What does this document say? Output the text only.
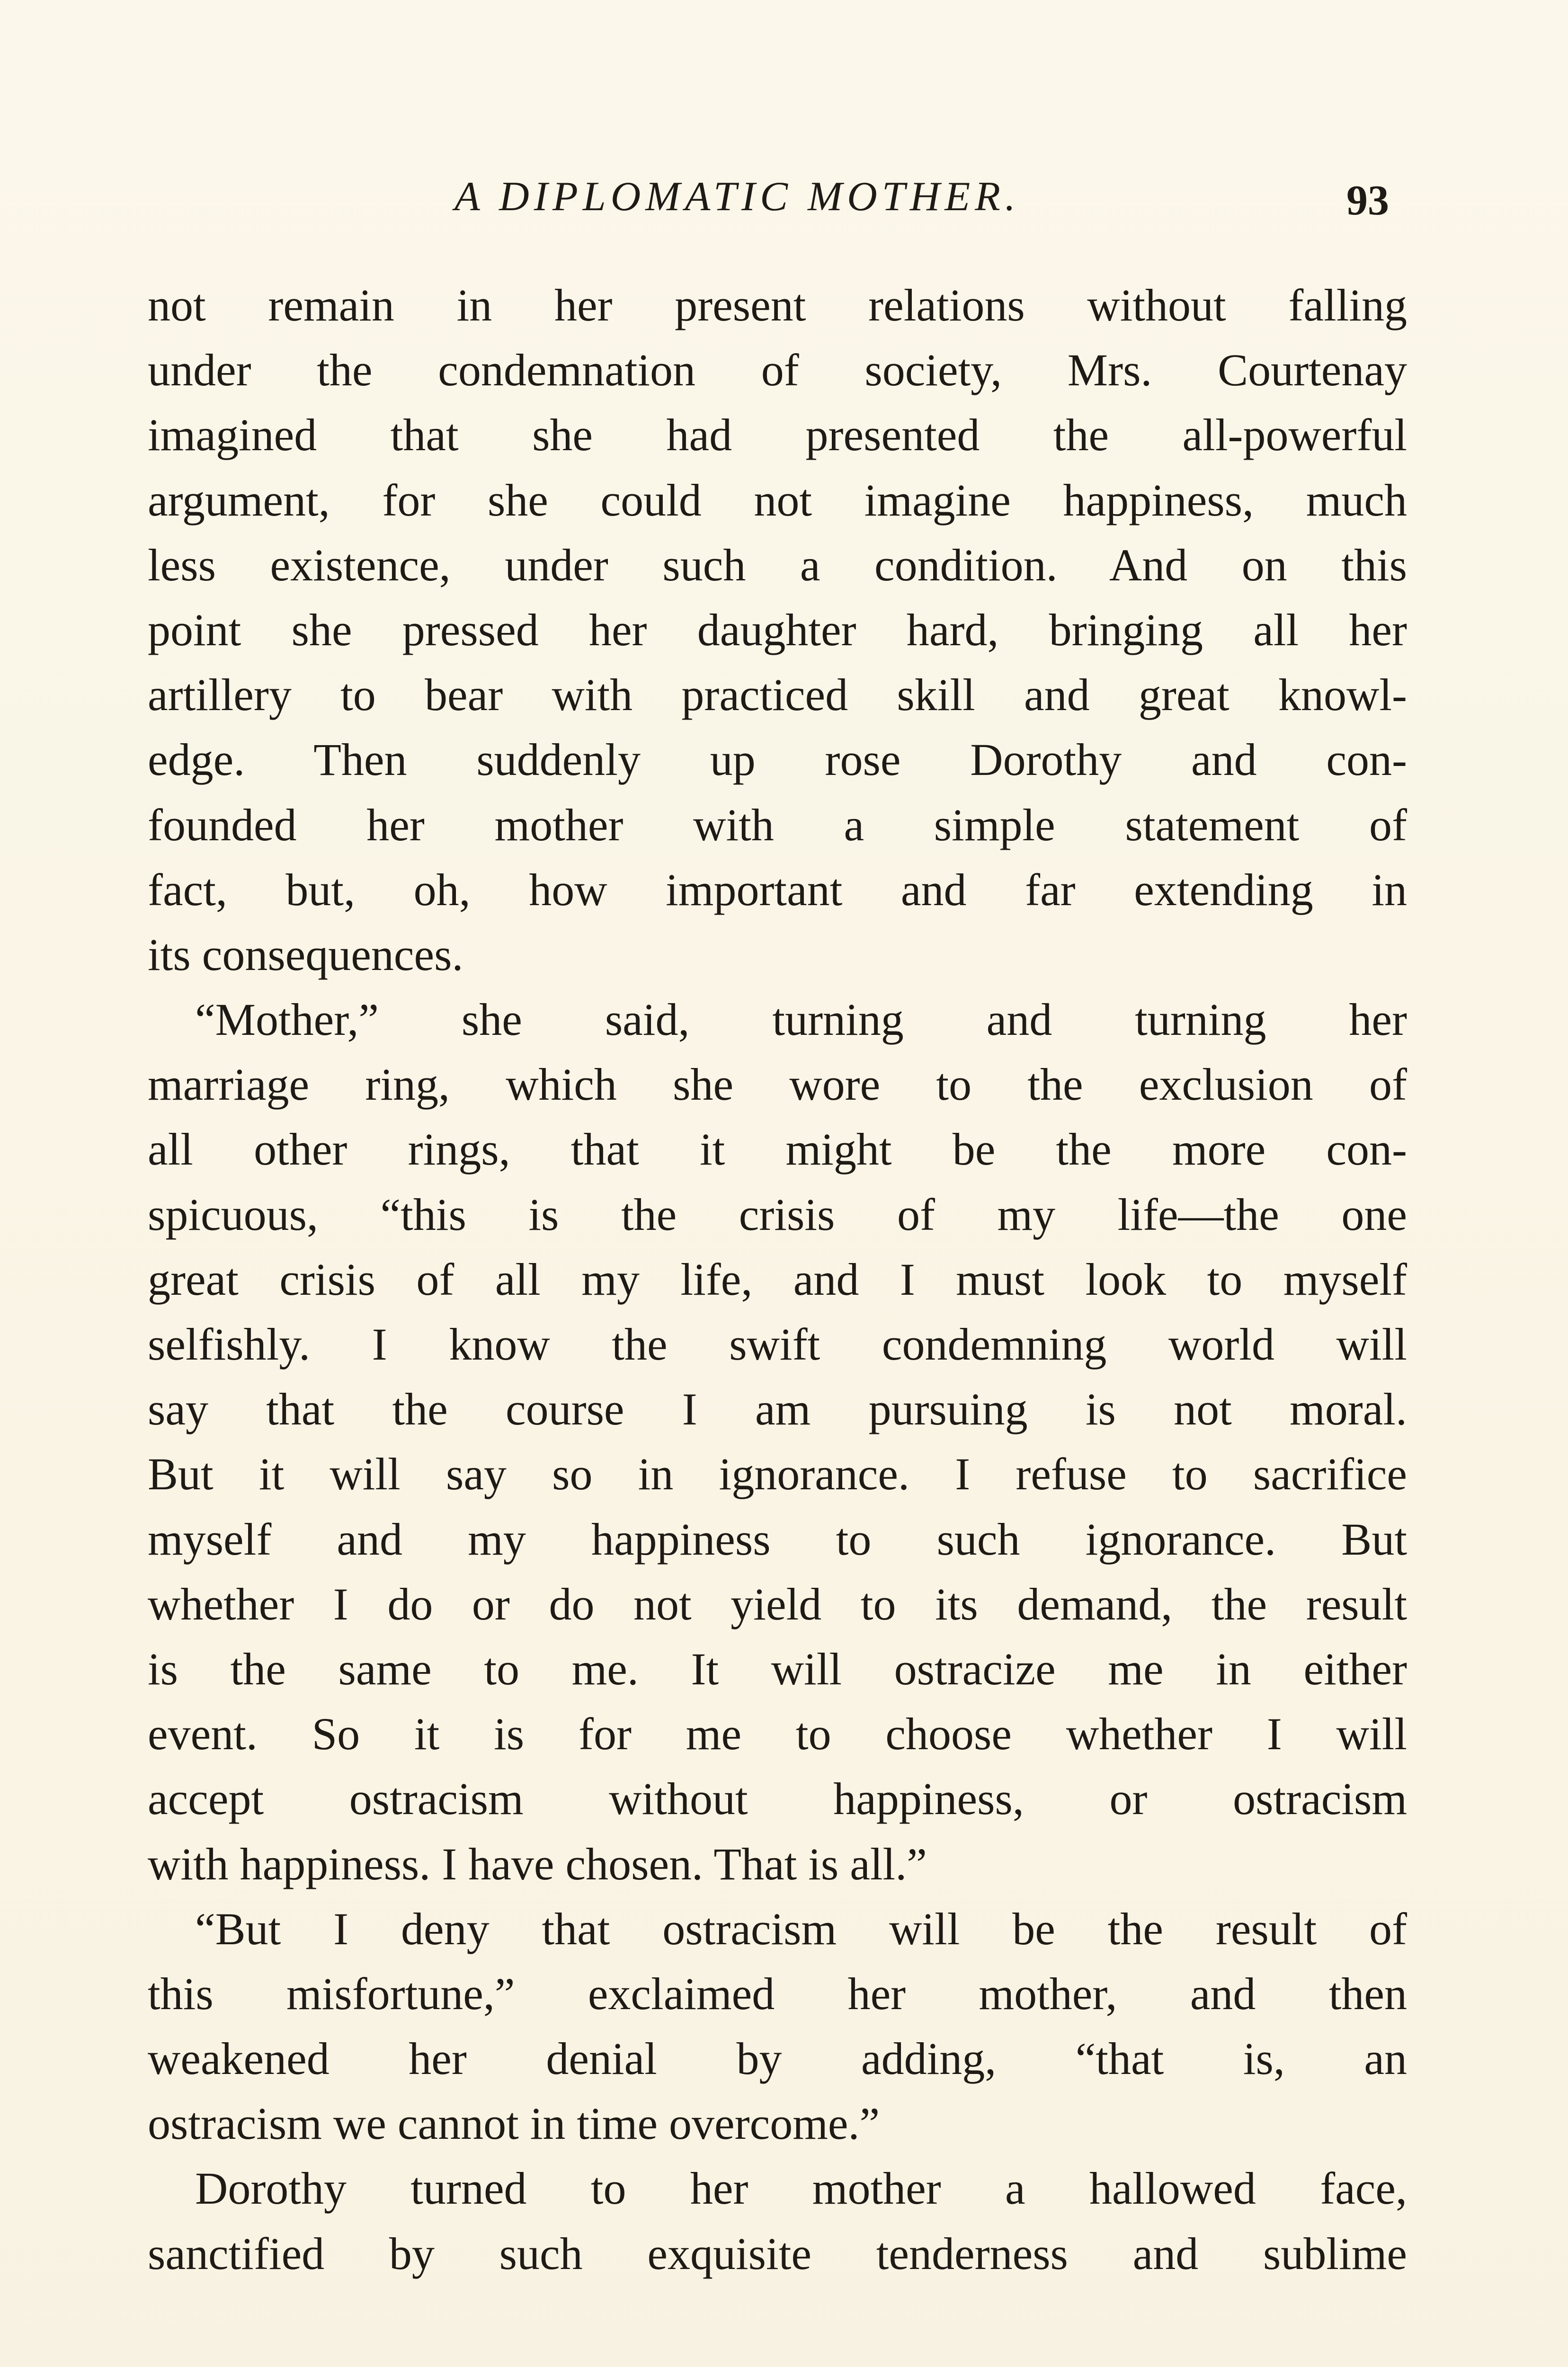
A DIPLOMATIC MOTHER.	93
not remain in her present relations without falling
under the condemnation of society, Mrs. Courtenay
imagined that she had presented the all-powerful
argument, for she could not imagine happiness, much
less existence, under such a condition. And on this
point she pressed her daughter hard, bringing all her
artillery to bear with practiced skill and great knowl-
edge. Then suddenly up rose Dorothy and con-
founded her mother with a simple statement of
fact, but, oh, how important and far extending in
its consequences.
“Mother,” she said, turning and turning her
marriage ring, which she wore to the exclusion of
all other rings, that it might be the more con-
spicuous, “this is the crisis of my life—the one
great crisis of all my life, and I must look to myself
selfishly. I know the swift condemning world will
say that the course I am pursuing is not moral.
But it will say so in ignorance. I refuse to sacrifice
myself and my happiness to such ignorance. But
whether I do or do not yield to its demand, the result
is the same to me. It will ostracize me in either
event. So it is for me to choose whether I will
accept ostracism without happiness, or ostracism
with happiness. I have chosen. That is all.”
“But I deny that ostracism will be the result of
this misfortune,” exclaimed her mother, and then
weakened her denial by adding, “that is, an
ostracism we cannot in time overcome.”
Dorothy turned to her mother a hallowed face,
sanctified by such exquisite tenderness and sublime
